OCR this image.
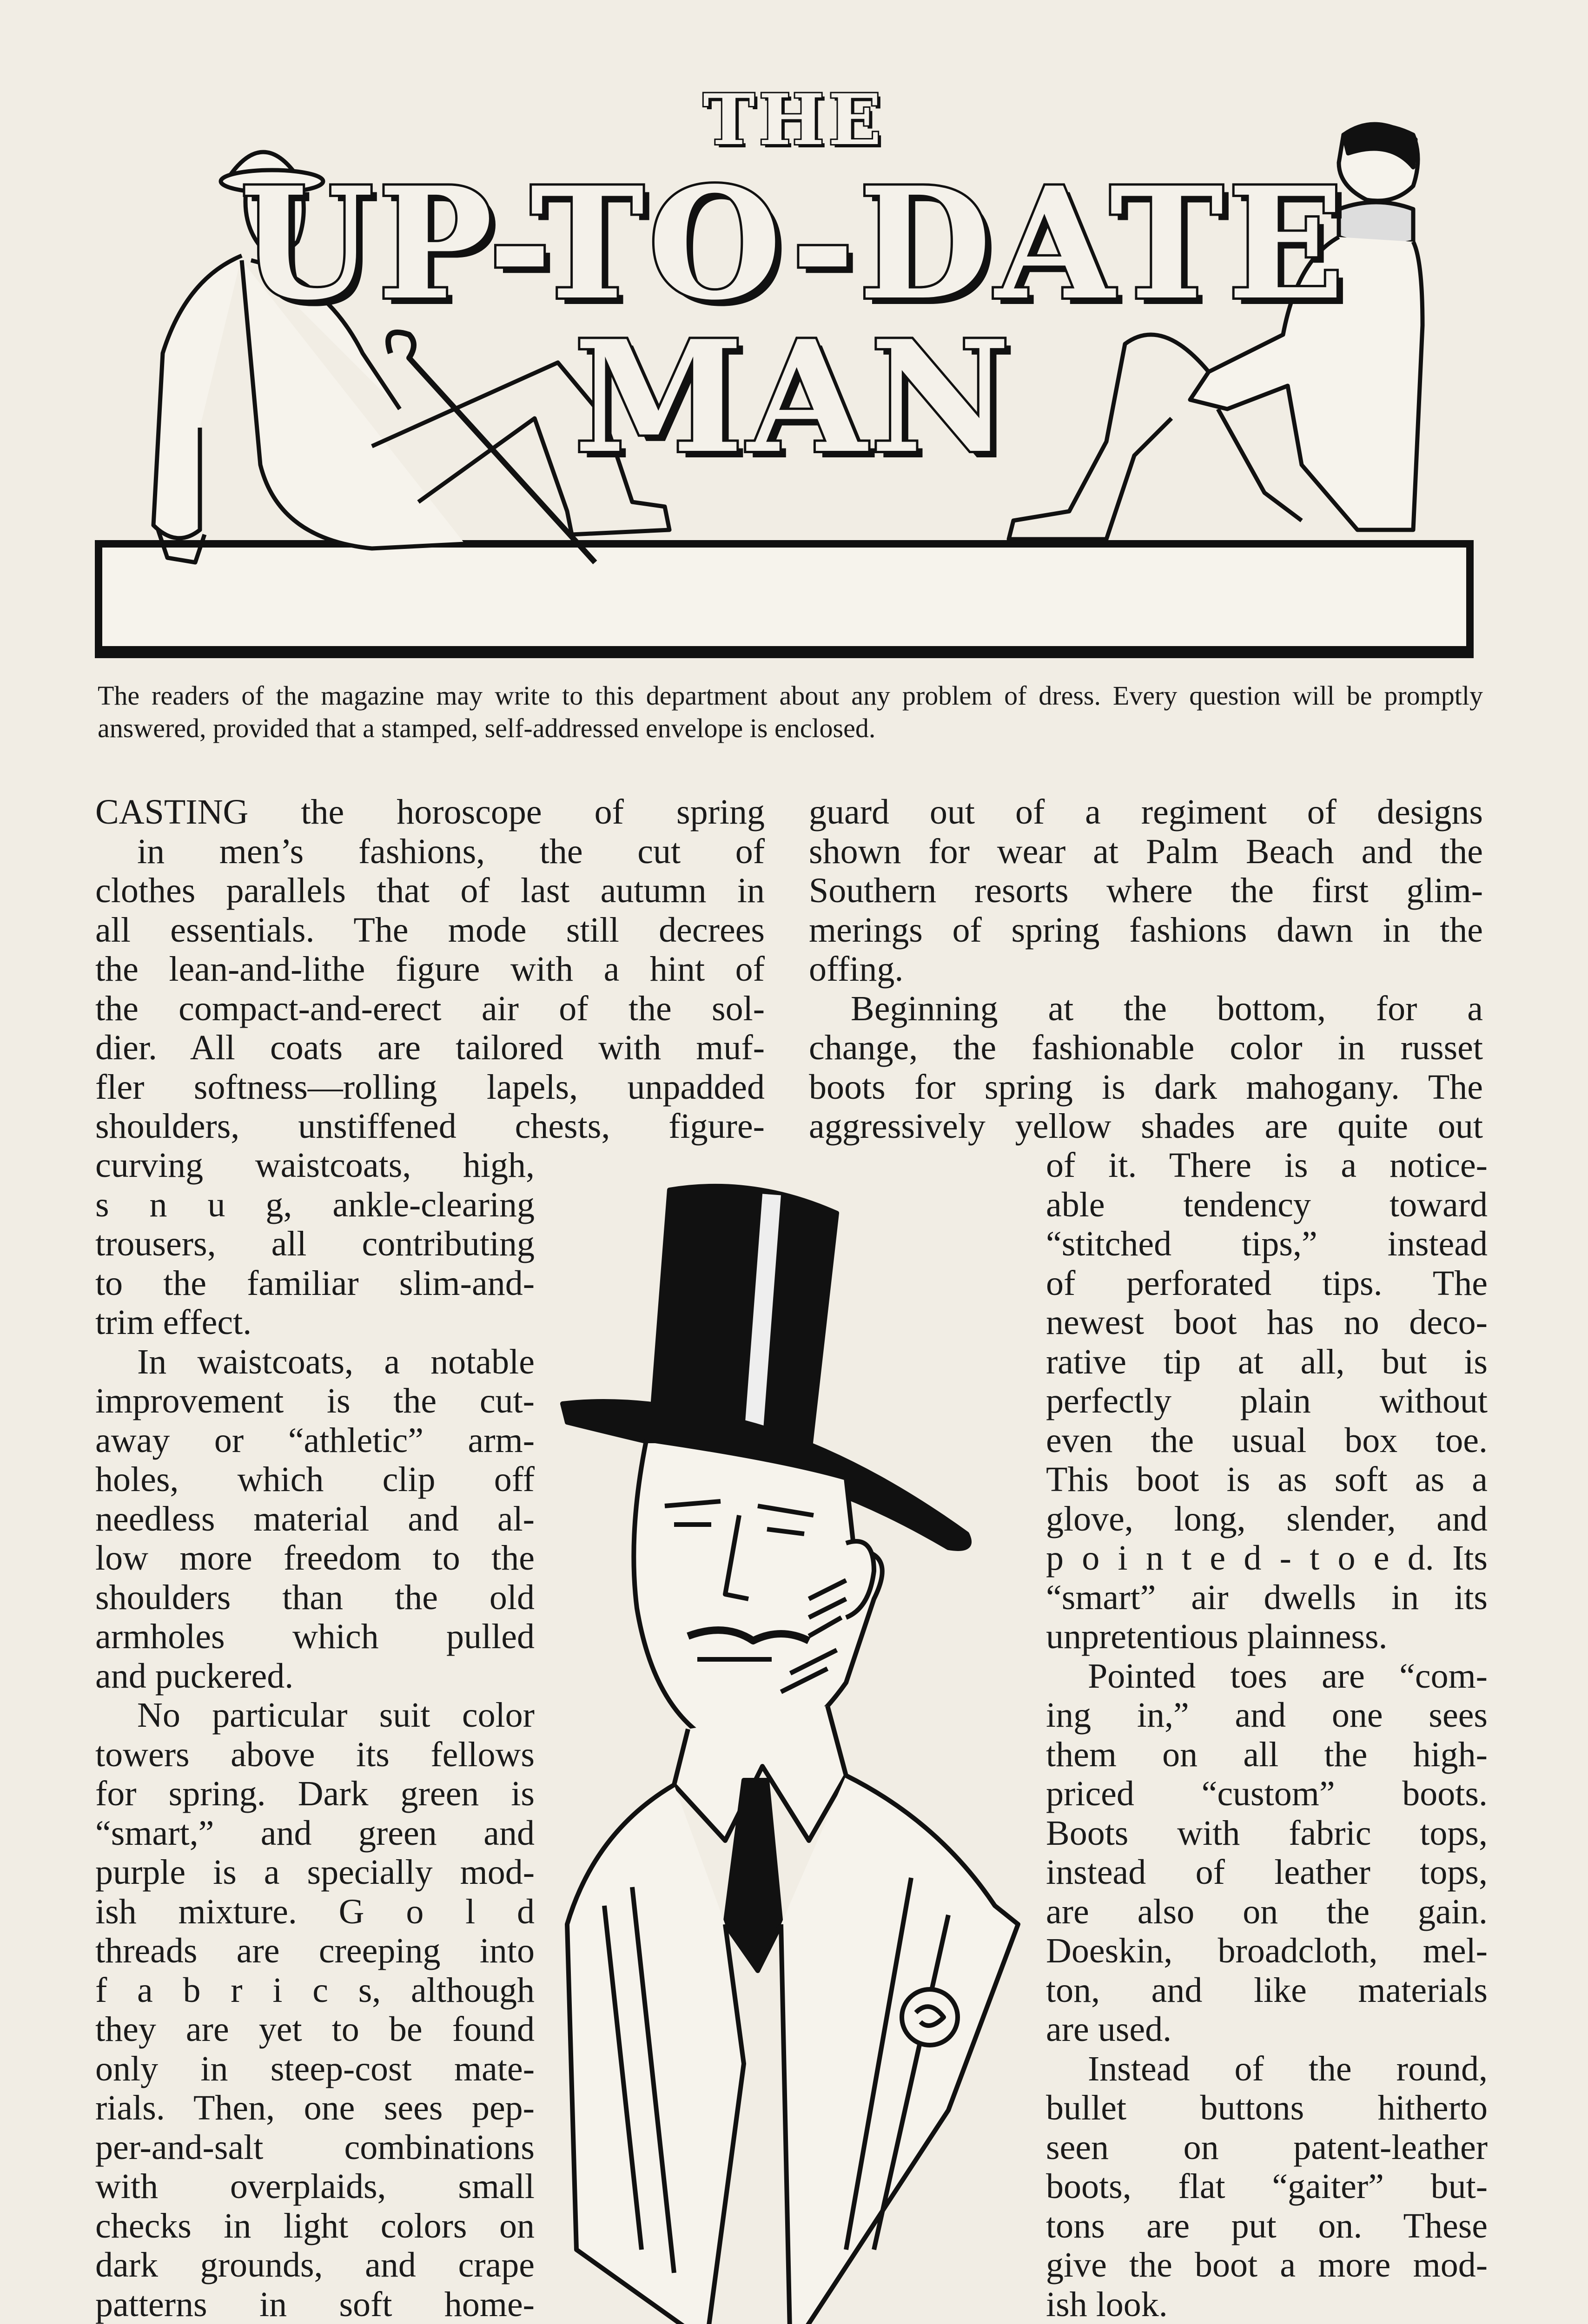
THE
UP-TO-DATE
MAN
The readers of the magazine may write to this department about any problem of dress. Every question will be promptly answered, provided that a stamped, self-addressed envelope is enclosed.
CASTING the horoscope of spring
in men’s fashions, the cut of
clothes parallels that of last autumn in
all essentials. The mode still decrees
the lean-and-lithe figure with a hint of
the compact-and-erect air of the sol-
dier. All coats are tailored with muf-
fler softness—rolling lapels, unpadded
shoulders, unstiffened chests, figure-
curving waistcoats, high,
s n u g, ankle-clearing
trousers, all contributing
to the familiar slim-and-
trim effect.
In waistcoats, a notable
improvement is the cut-
away or “athletic” arm-
holes, which clip off
needless material and al-
low more freedom to the
shoulders than the old
armholes which pulled
and puckered.
No particular suit color
towers above its fellows
for spring. Dark green is
“smart,” and green and
purple is a specially mod-
ish mixture. G o l d
threads are creeping into
f a b r i c s, although
they are yet to be found
only in steep-cost mate-
rials. Then, one sees pep-
per-and-salt combinations
with overplaids, small
checks in light colors on
dark grounds, and crape
patterns in soft home-
guard out of a regiment of designs
shown for wear at Palm Beach and the
Southern resorts where the first glim-
merings of spring fashions dawn in the
offing.
Beginning at the bottom, for a
change, the fashionable color in russet
boots for spring is dark mahogany. The
aggressively yellow shades are quite out
of it. There is a notice-
able tendency toward
“stitched tips,” instead
of perforated tips. The
newest boot has no deco-
rative tip at all, but is
perfectly plain without
even the usual box toe.
This boot is as soft as a
glove, long, slender, and
p o i n t e d - t o e d. Its
“smart” air dwells in its
unpretentious plainness.
Pointed toes are “com-
ing in,” and one sees
them on all the high-
priced “custom” boots.
Boots with fabric tops,
instead of leather tops,
are also on the gain.
Doeskin, broadcloth, mel-
ton, and like materials
are used.
Instead of the round,
bullet buttons hitherto
seen on patent-leather
boots, flat “gaiter” but-
tons are put on. These
give the boot a more mod-
ish look.
